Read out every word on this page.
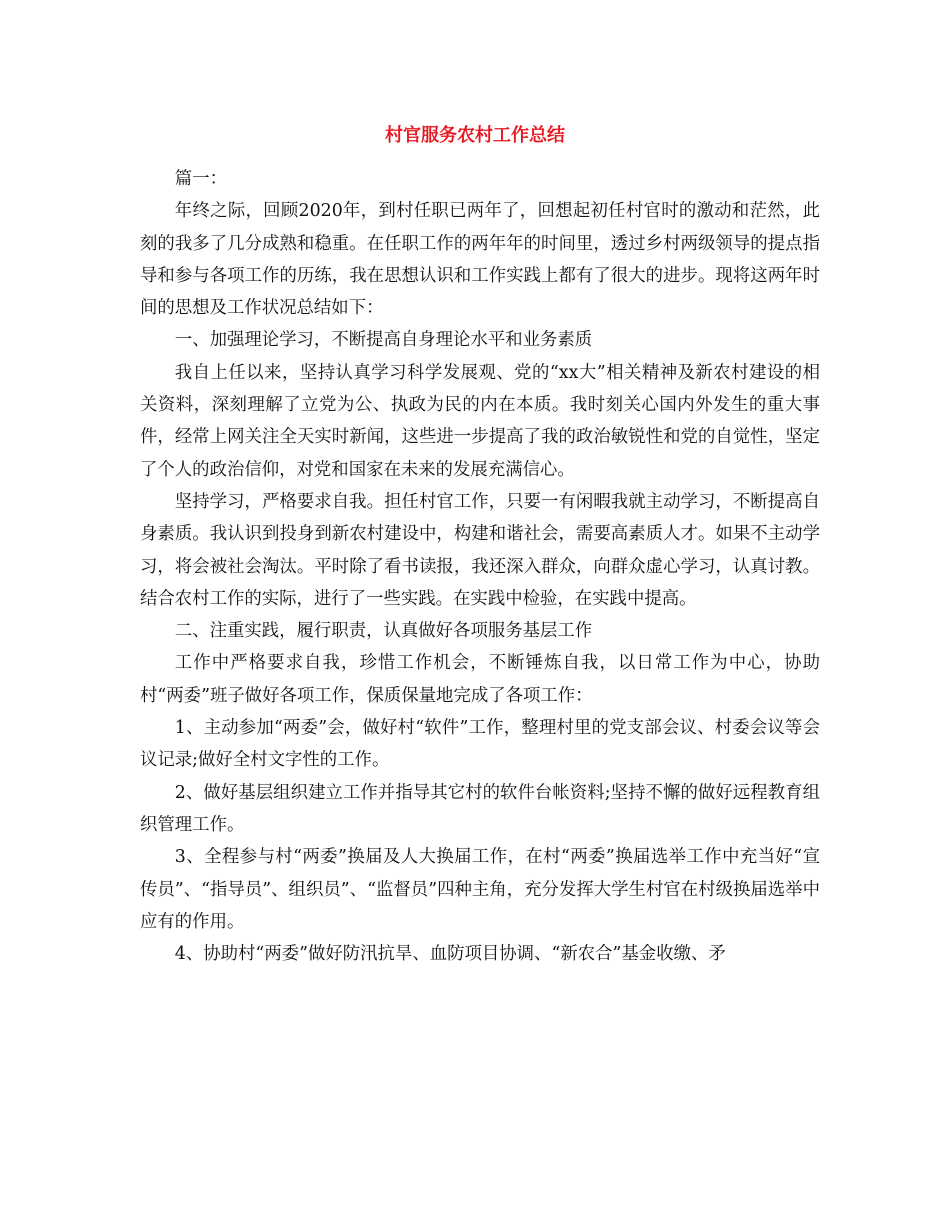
村官服务农村工作总结

篇一：

年终之际，回顾2020年，到村任职已两年了，回想起初任村官时的激动和茫然，此刻的我多了几分成熟和稳重。在任职工作的两年年的时间里，透过乡村两级领导的提点指导和参与各项工作的历练，我在思想认识和工作实践上都有了很大的进步。现将这两年时间的思想及工作状况总结如下：

一、加强理论学习，不断提高自身理论水平和业务素质

我自上任以来，坚持认真学习科学发展观、党的“xx大”相关精神及新农村建设的相关资料，深刻理解了立党为公、执政为民的内在本质。我时刻关心国内外发生的重大事件，经常上网关注全天实时新闻，这些进一步提高了我的政治敏锐性和党的自觉性，坚定了个人的政治信仰，对党和国家在未来的发展充满信心。

坚持学习，严格要求自我。担任村官工作，只要一有闲暇我就主动学习，不断提高自身素质。我认识到投身到新农村建设中，构建和谐社会，需要高素质人才。如果不主动学习，将会被社会淘汰。平时除了看书读报，我还深入群众，向群众虚心学习，认真讨教。结合农村工作的实际，进行了一些实践。在实践中检验，在实践中提高。

二、注重实践，履行职责，认真做好各项服务基层工作

工作中严格要求自我，珍惜工作机会，不断锤炼自我，以日常工作为中心，协助村“两委”班子做好各项工作，保质保量地完成了各项工作：

1、主动参加“两委”会，做好村“软件”工作，整理村里的党支部会议、村委会议等会议记录;做好全村文字性的工作。

2、做好基层组织建立工作并指导其它村的软件台帐资料;坚持不懈的做好远程教育组织管理工作。

3、全程参与村“两委”换届及人大换届工作，在村“两委”换届选举工作中充当好“宣传员”、“指导员”、组织员”、“监督员”四种主角，充分发挥大学生村官在村级换届选举中应有的作用。

4、协助村“两委”做好防汛抗旱、血防项目协调、“新农合”基金收缴、矛
